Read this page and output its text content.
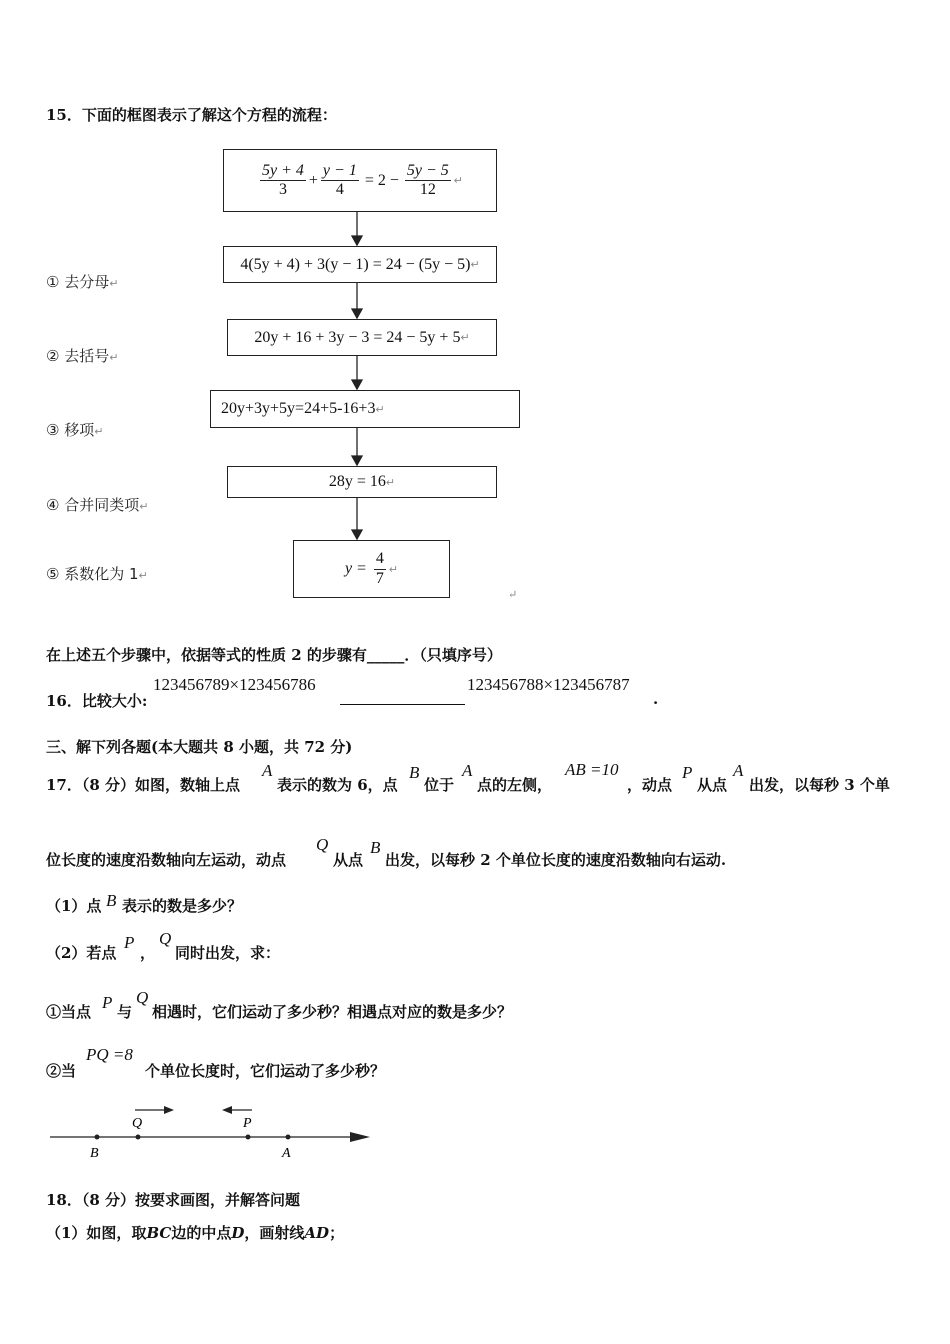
15．下面的框图表示了解这个方程的流程：
$\frac{5y + 4}{3} + \frac{y - 1}{4} = 2 - \frac{5y - 5}{12}$ ↵
4(5y + 4) + 3(y − 1) = 24 − (5y − 5) ↵
20y + 16 + 3y − 3 = 24 − 5y + 5 ↵
20y+3y+5y=24+5-16+3 ↵
28y = 16 ↵
$y = \frac{4}{7}$ ↵
① 去分母↵
② 去括号↵
③ 移项↵
④ 合并同类项↵
⑤ 系数化为 1↵
↵
在上述五个步骤中，依据等式的性质 2 的步骤有_____．（只填序号）
16．比较大小:
123456789×123456786	123456788×123456787
.
三、解下列各题(本大题共 8 小题，共 72 分)
17．（8 分）如图，数轴上点
A
表示的数为 6，点
B
位于
A
点的左侧，
AB =10
，动点
P
从点
A
出发，以每秒 3 个单
位长度的速度沿数轴向左运动，动点
Q
从点
B
出发，以每秒 2 个单位长度的速度沿数轴向右运动.
（1）点 B 表示的数是多少？
（2）若点
P
，
Q
同时出发，求：
①当点 P 与
Q
相遇时，它们运动了多少秒？相遇点对应的数是多少？
②当
PQ =8
个单位长度时，它们运动了多少秒？
B
Q	P
A
18．（8 分）按要求画图，并解答问题
（1）如图，取BC边的中点D，画射线AD；
